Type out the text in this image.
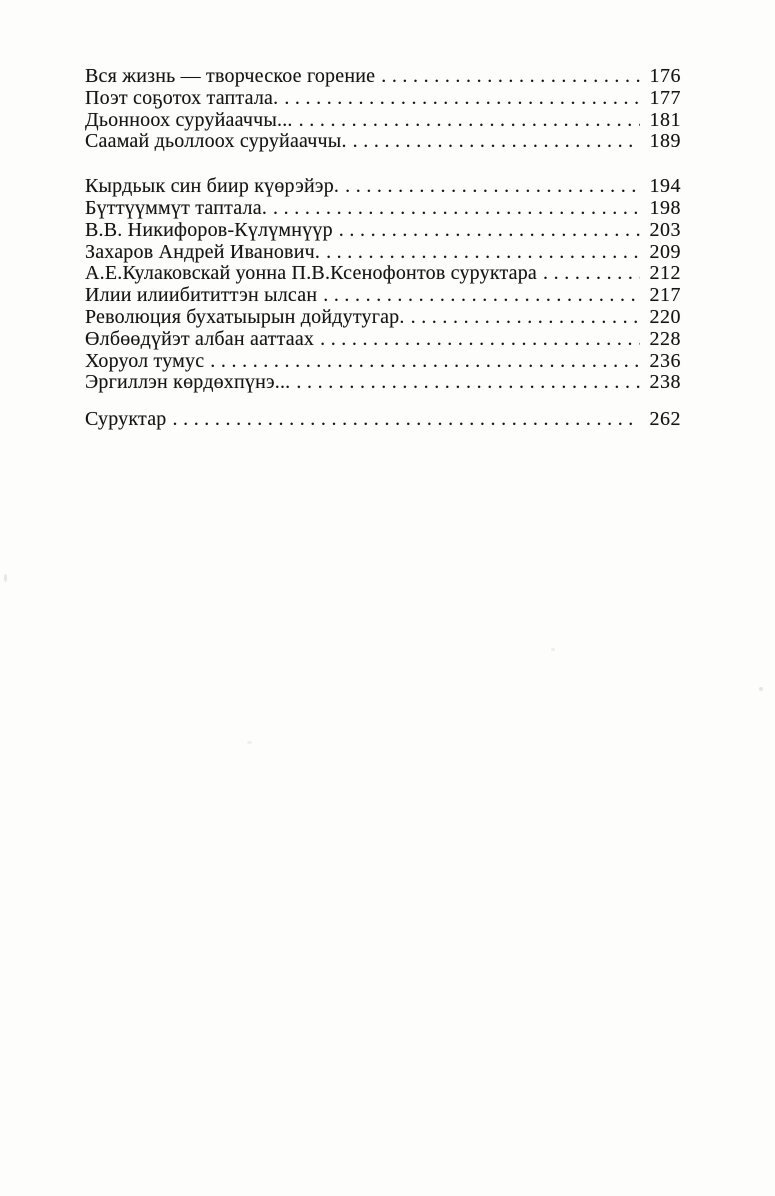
Вся жизнь — творческое горение . . .	176
Поэт соҕотох таптала. . . .	177
Дьонноох суруйааччы... . . .	181
Саамай дьоллоох суруйааччы. . . .	189
Кырдьык син биир күөрэйэр. . . .	194
Бүттүүммүт таптала. . . .	198
В.В. Никифоров-Күлүмнүүр . . .	203
Захаров Андрей Иванович. . . .	209
А.Е.Кулаковскай уонна П.В.Ксенофонтов суруктара . . .	212
Илии илиибититтэн ылсан . . .	217
Революция бухатыырын дойдутугар. . . .	220
Өлбөөдүйэт албан ааттаах . . .	228
Хоруол тумус . . .	236
Эргиллэн көрдөхпүнэ... . . .	238
Суруктар . . .	262
